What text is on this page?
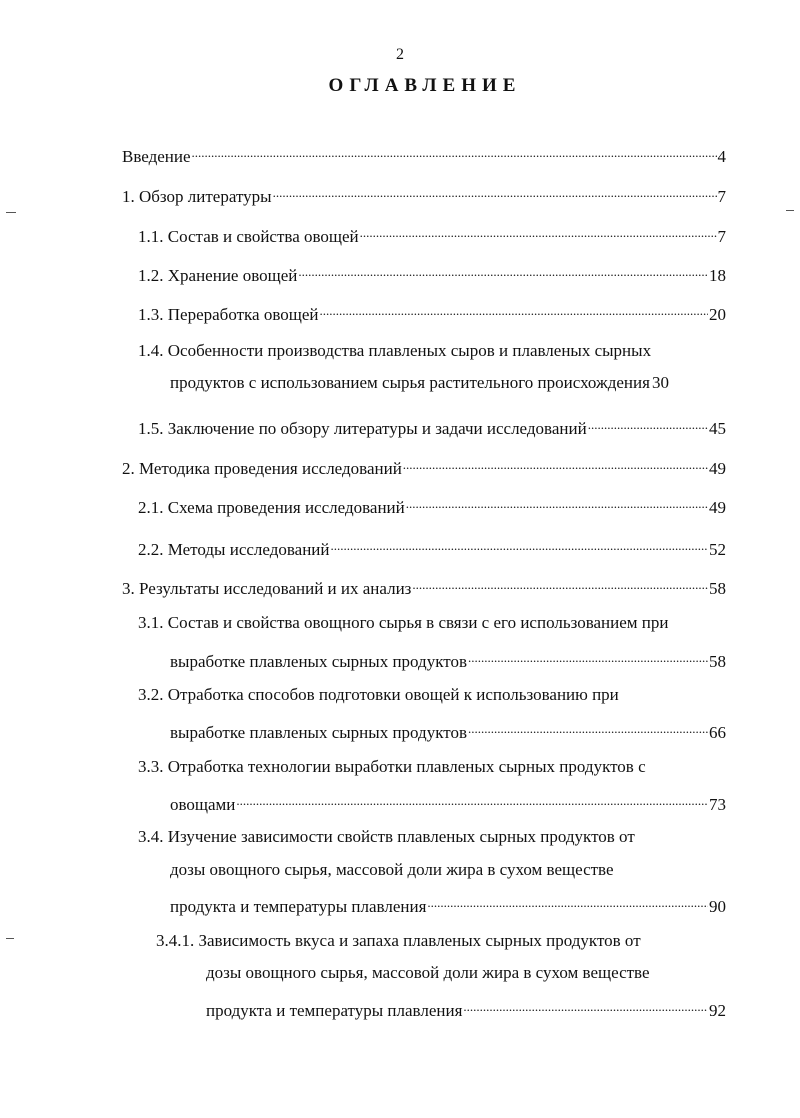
2
ОГЛАВЛЕНИЕ
Введение .....	4
1. Обзор литературы .....	7
1.1. Состав и свойства овощей .....	7
1.2. Хранение овощей .....	18
1.3. Переработка овощей .....	20
1.4. Особенности производства плавленых сыров и плавленых сырных
продуктов с использованием сырья растительного происхождения 30
1.5. Заключение по обзору литературы и задачи исследований .....	45
2. Методика проведения исследований .....	49
2.1. Схема проведения исследований .....	49
2.2. Методы исследований .....	52
3. Результаты исследований и их анализ .....	58
3.1. Состав и свойства овощного сырья в связи с его использованием при
выработке плавленых сырных продуктов .....	58
3.2. Отработка способов подготовки овощей к использованию при
выработке плавленых сырных продуктов .....	66
3.3. Отработка технологии выработки плавленых сырных продуктов с
овощами .....	73
3.4. Изучение зависимости свойств плавленых сырных продуктов от
дозы овощного сырья, массовой доли жира в сухом веществе
продукта и температуры плавления .....	90
3.4.1. Зависимость вкуса и запаха плавленых сырных продуктов от
дозы овощного сырья, массовой доли жира в сухом веществе
продукта и температуры плавления .....	92
